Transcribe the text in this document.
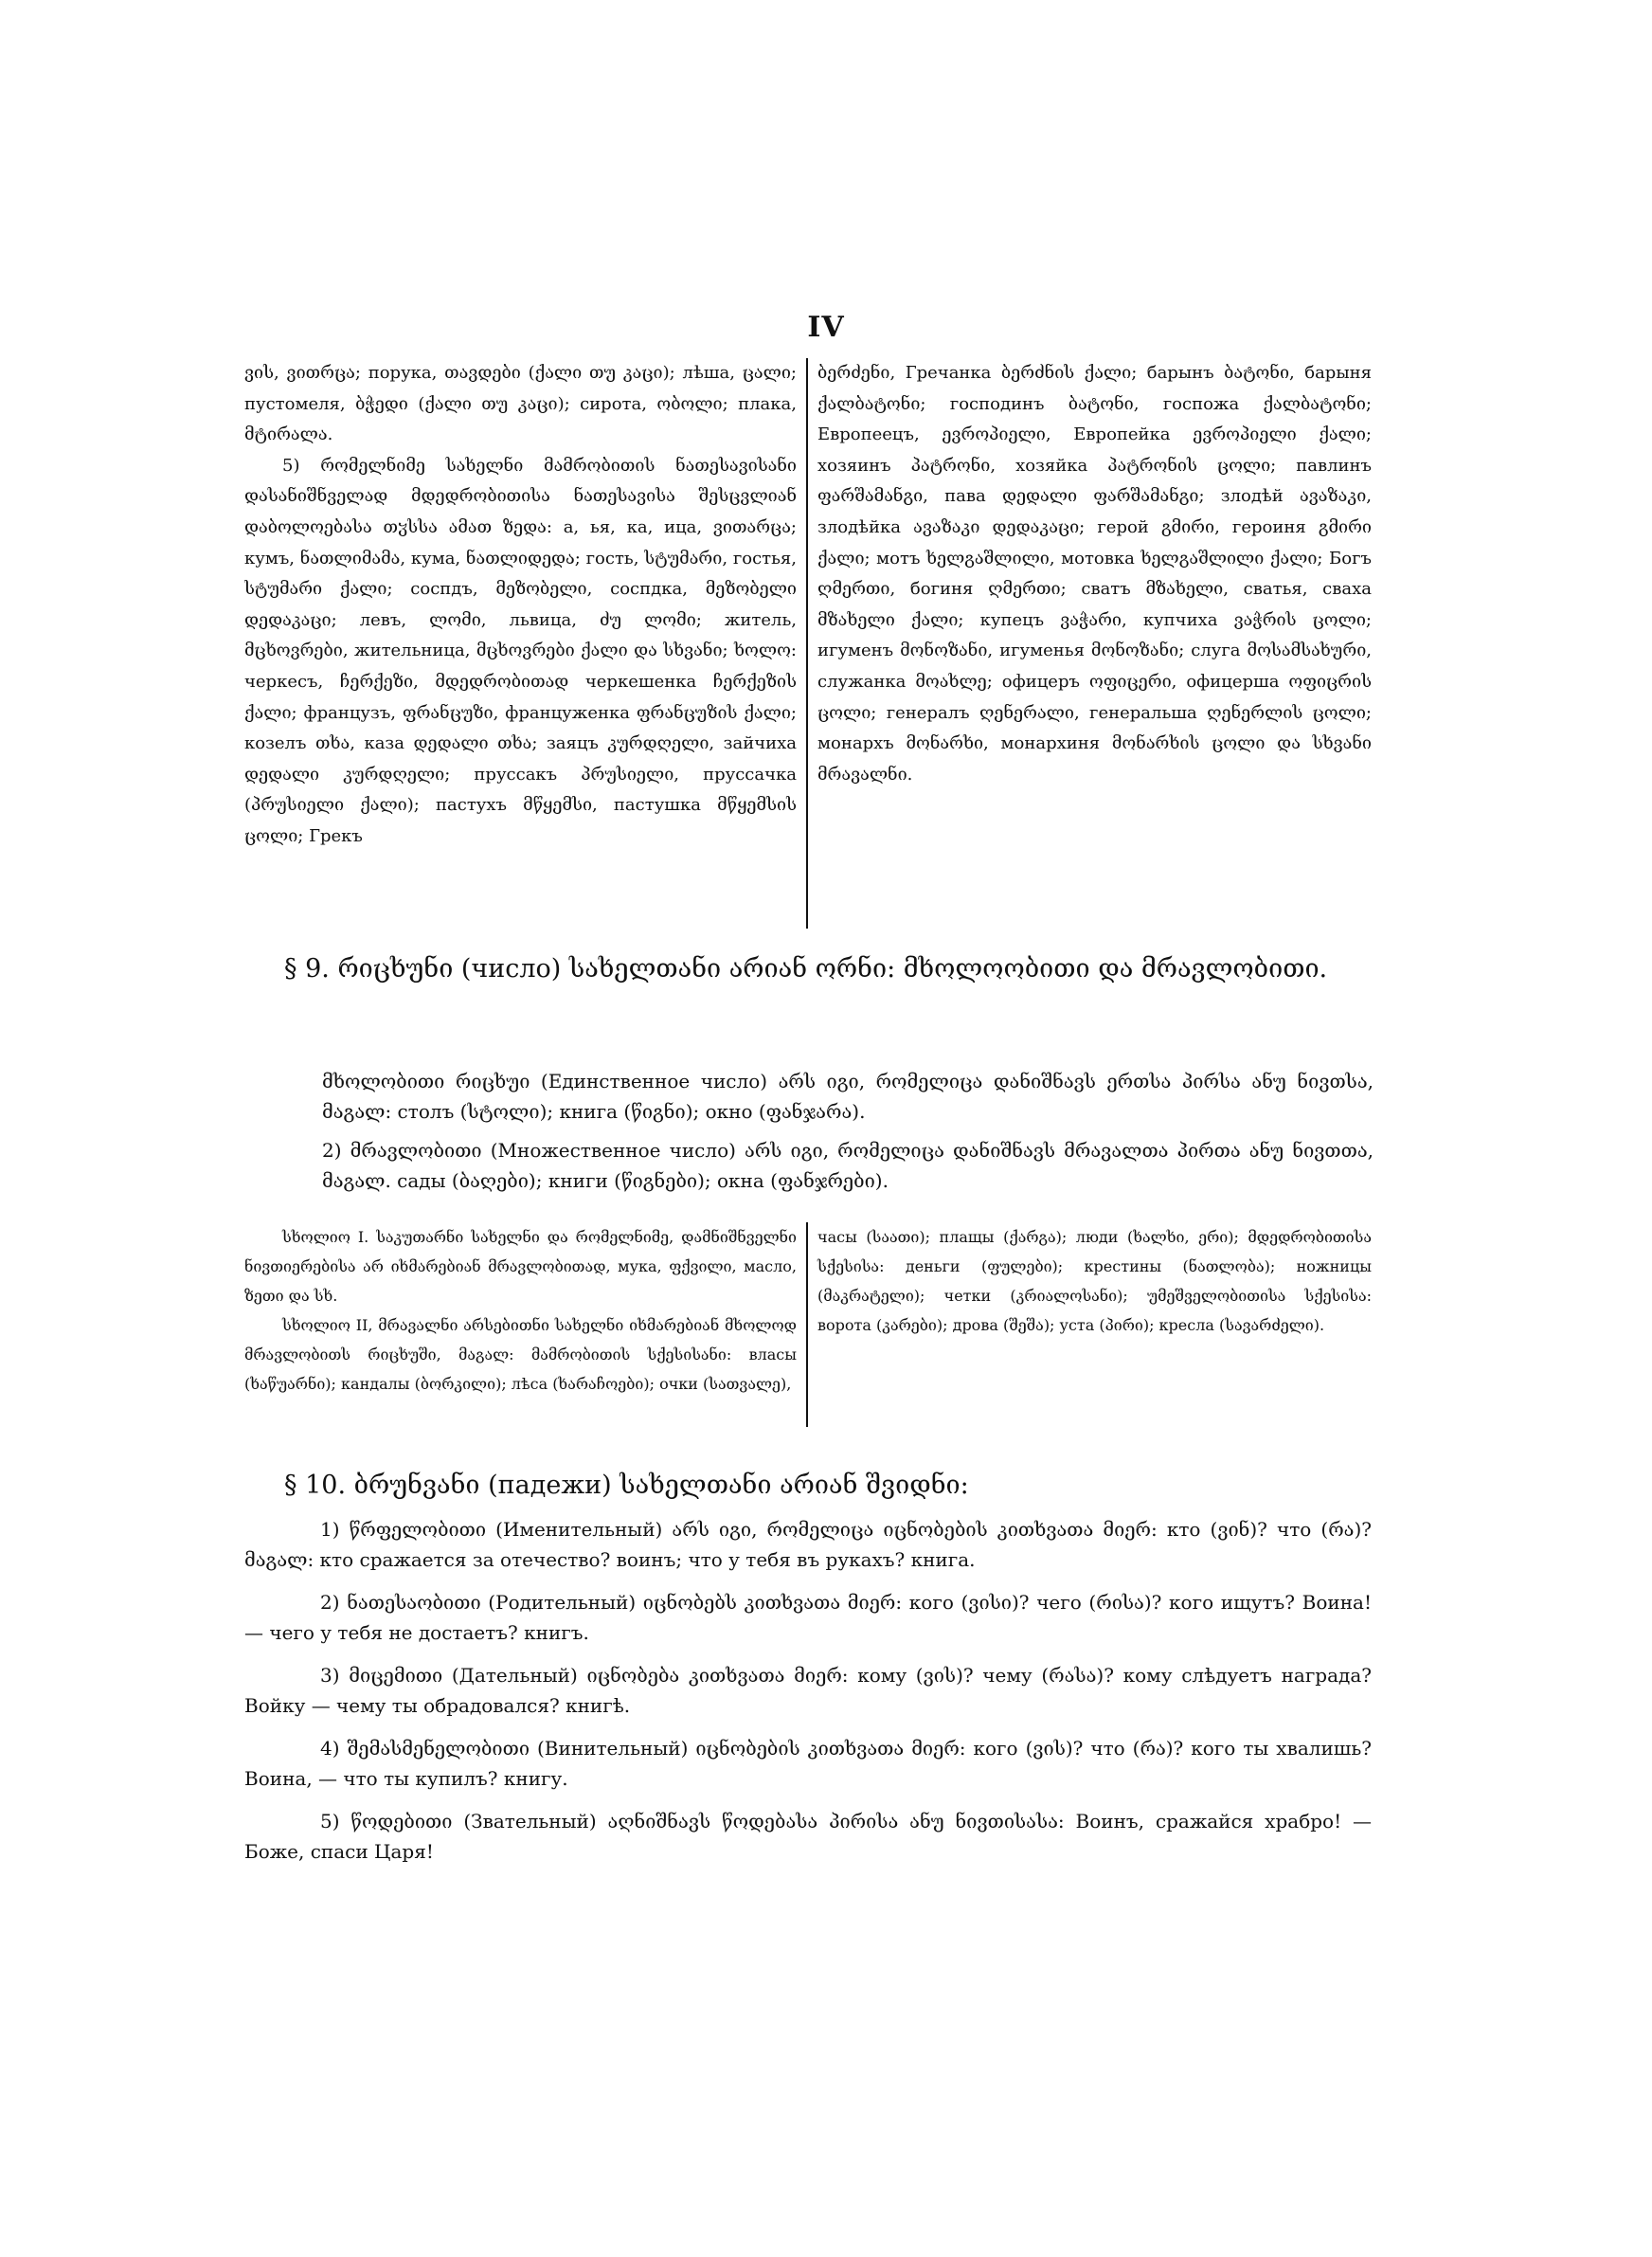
IV

ვის, ვითრცა; порука, თავდები (ქალი თუ კაცი); лѣша, ცალი; пустомеля, ბჭედი (ქალი თუ კაცი); сирота, ობოლი; плака, მტირალა.

5) რომელნიმე სახელნი მამრობითის ნათესავისანი დასანიშნველად მდედრობითისა ნათესავისა შესცვლიან დაბოლოებასა თჳსსა ამათ ზედა: а, ья, ка, ица, ვითარცა; кумъ, ნათლიმამა, кума, ნათლიდედა; гость, სტუმარი, гостья, სტუმარი ქალი; соспдъ, მეზობელი, соспдка, მეზობელი დედაკაცი; левъ, ლომი, львица, ძუ ლომი; житель, მცხოვრები, жительница, მცხოვრები ქალი და სხვანი; ხოლო: черкесъ, ჩერქეზი, მდედრობითად черкешенка ჩერქეზის ქალი; французъ, ფრანცუზი, француженка ფრანცუზის ქალი; козелъ თხა, каза დედალი თხა; заяцъ კურდღელი, зайчиха დედალი კურდღელი; пруссакъ პრუსიელი, пруссачка (პრუსიელი ქალი); пастухъ მწყემსი, пастушка მწყემსის ცოლი; Грекъ

ბერძენი, Гречанка ბერძნის ქალი; барынъ ბატონი, барыня ქალბატონი; господинъ ბატონი, госпожа ქალბატონი; Европеецъ, ევროპიელი, Европейка ევროპიელი ქალი; хозяинъ პატრონი, хозяйка პატრონის ცოლი; павлинъ ფარშამანგი, пава დედალი ფარშამანგი; злодѣй ავაზაკი, злодѣйка ავაზაკი დედაკაცი; герой გმირი, героиня გმირი ქალი; мотъ ხელგაშლილი, мотовка ხელგაშლილი ქალი; Богъ ღმერთი, богиня ღმერთი; сватъ მზახელი, сватья, свaха მზახელი ქალი; купецъ ვაჭარი, купчиха ვაჭრის ცოლი; игуменъ მონოზანი, игуменья მონოზანი; слуга მოსამსახური, служанка მოახლე; офицеръ ოფიცერი, офицерша ოფიცრის ცოლი; генералъ ღენერალი, генеральша ღენერლის ცოლი; монархъ მონარხი, монархиня მონარხის ცოლი და სხვანი მრავალნი.

§ 9. რიცხუნი (число) სახელთანი არიან ორნი: მხოლოობითი და მრავლობითი.
მხოლობითი რიცხუი (Единственное число) არს იგი, რომელიცა დანიშნავს ერთსა პირსა ანუ ნივთსა, მაგალ: столъ (სტოლი); книга (წიგნი); окно (ფანჯარა).
2) მრავლობითი (Множественное число) არს იგი, რომელიცა დანიშნავს მრავალთა პირთა ანუ ნივთთა, მაგალ. сады (ბაღები); книги (წიგნები); окна (ფანჯრები).

სხოლიო I. საკუთარნი სახელნი და რომელნიმე, დამნიშნველნი ნივთიერებისა არ იხმარებიან მრავლობითად, мука, ფქვილი, масло, ზეთი და სხ.

სხოლიო II, მრავალნი არსებითნი სახელნი იხმარებიან მხოლოდ მრავლობითს რიცხუში, მაგალ: მამრობითის სქესისანი: власы (ხაწუარნი); кандалы (ბორკილი); лѣса (ხარაჩოები); очки (სათვალე),

часы (საათი); плащы (ქარგა); люди (ხალხი, ერი); მდედრობითისა სქესისა: деньги (ფულები); крестины (ნათლობა); ножницы (მაკრატელი); четки (კრიალოსანი); უმეშველობითისა სქესისა: ворота (კარები); дрова (შეშა); уста (პირი); кресла (სავარძელი).

§ 10. ბრუნვანი (падежи) სახელთანი არიან შვიდნი:

1) წრფელობითი (Именительный) არს იგი, რომელიცა იცნობების კითხვათა მიერ: кто (ვინ)? что (რა)? მაგალ: кто сражается за отечество? воинъ; что у тебя въ рукахъ? книга.

2) ნათესაობითი (Родительный) იცნობებს კითხვათა მიერ: кого (ვისი)? чего (რისა)? кого ищутъ? Воина! — чего у тебя не достаетъ? книгъ.

3) მიცემითი (Дательный) იცნობება კითხვათა მიერ: кому (ვის)? чему (რასა)? кому слѣдуетъ награда? Войку — чему ты обрадовался? книгѣ.

4) შემასმენელობითი (Винительный) იცნობების კითხვათა მიერ: кого (ვის)? что (რა)? кого ты хвалишь? Воина, — что ты купилъ? книгу.

5) წოდებითი (Звательный) აღნიშნავს წოდებასა პირისა ანუ ნივთისასა: Воинъ, сражайся храбро! — Боже, спаси Царя!
